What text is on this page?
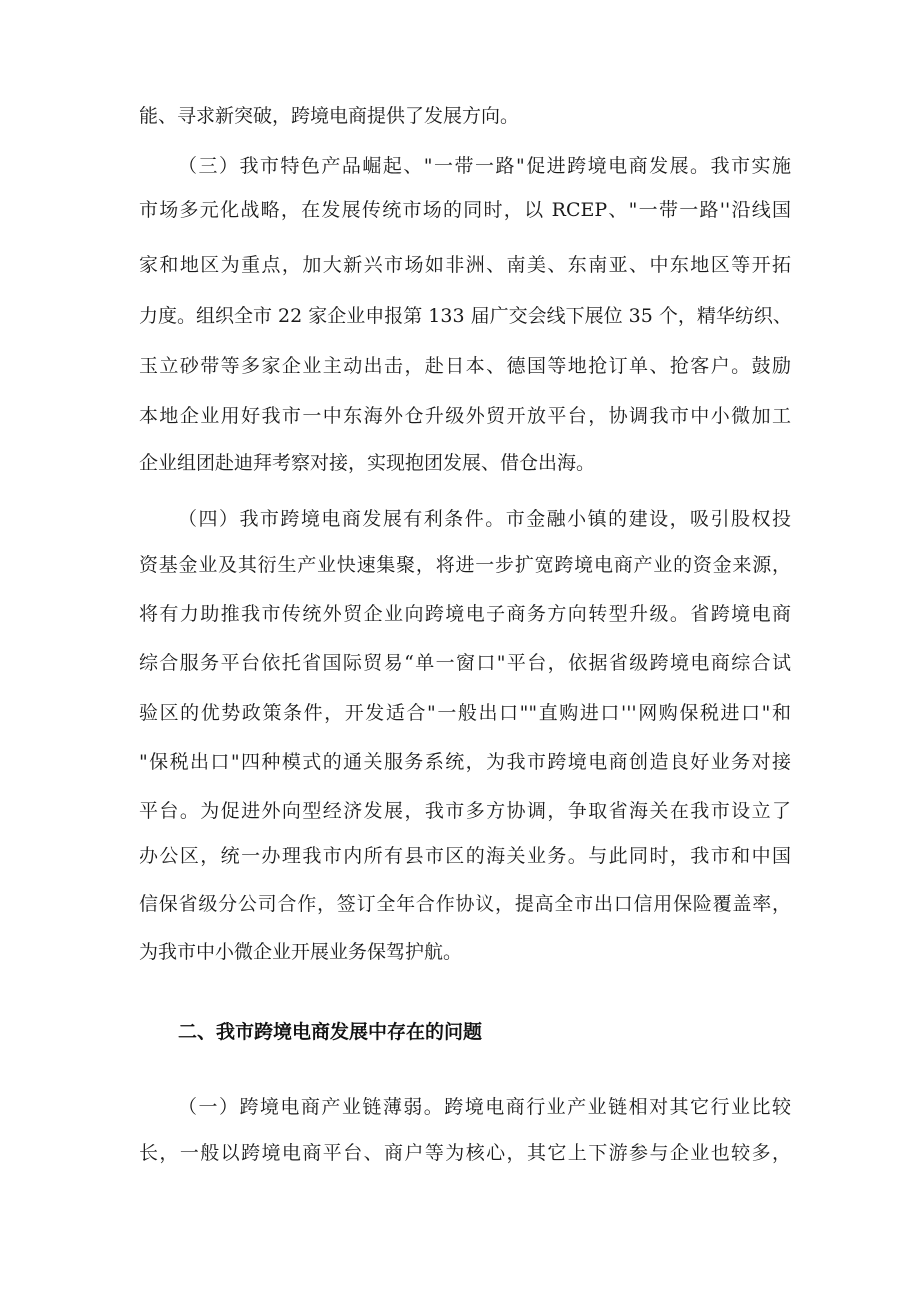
能、寻求新突破，跨境电商提供了发展方向。
（三）我市特色产品崛起、"一带一路"促进跨境电商发展。我市实施
市场多元化战略，在发展传统市场的同时，以 RCEP、"一带一路''沿线国
家和地区为重点，加大新兴市场如非洲、南美、东南亚、中东地区等开拓
力度。组织全市 22 家企业申报第 133 届广交会线下展位 35 个，精华纺织、
玉立砂带等多家企业主动出击，赴日本、德国等地抢订单、抢客户。鼓励
本地企业用好我市一中东海外仓升级外贸开放平台，协调我市中小微加工
企业组团赴迪拜考察对接，实现抱团发展、借仓出海。
（四）我市跨境电商发展有利条件。市金融小镇的建设，吸引股权投
资基金业及其衍生产业快速集聚，将进一步扩宽跨境电商产业的资金来源，
将有力助推我市传统外贸企业向跨境电子商务方向转型升级。省跨境电商
综合服务平台依托省国际贸易“单一窗口"平台，依据省级跨境电商综合试
验区的优势政策条件，开发适合"一般出口""直购进口'''网购保税进口"和
"保税出口"四种模式的通关服务系统，为我市跨境电商创造良好业务对接
平台。为促进外向型经济发展，我市多方协调，争取省海关在我市设立了
办公区，统一办理我市内所有县市区的海关业务。与此同时，我市和中国
信保省级分公司合作，签订全年合作协议，提高全市出口信用保险覆盖率，
为我市中小微企业开展业务保驾护航。
二、我市跨境电商发展中存在的问题
（一）跨境电商产业链薄弱。跨境电商行业产业链相对其它行业比较
长，一般以跨境电商平台、商户等为核心，其它上下游参与企业也较多，
